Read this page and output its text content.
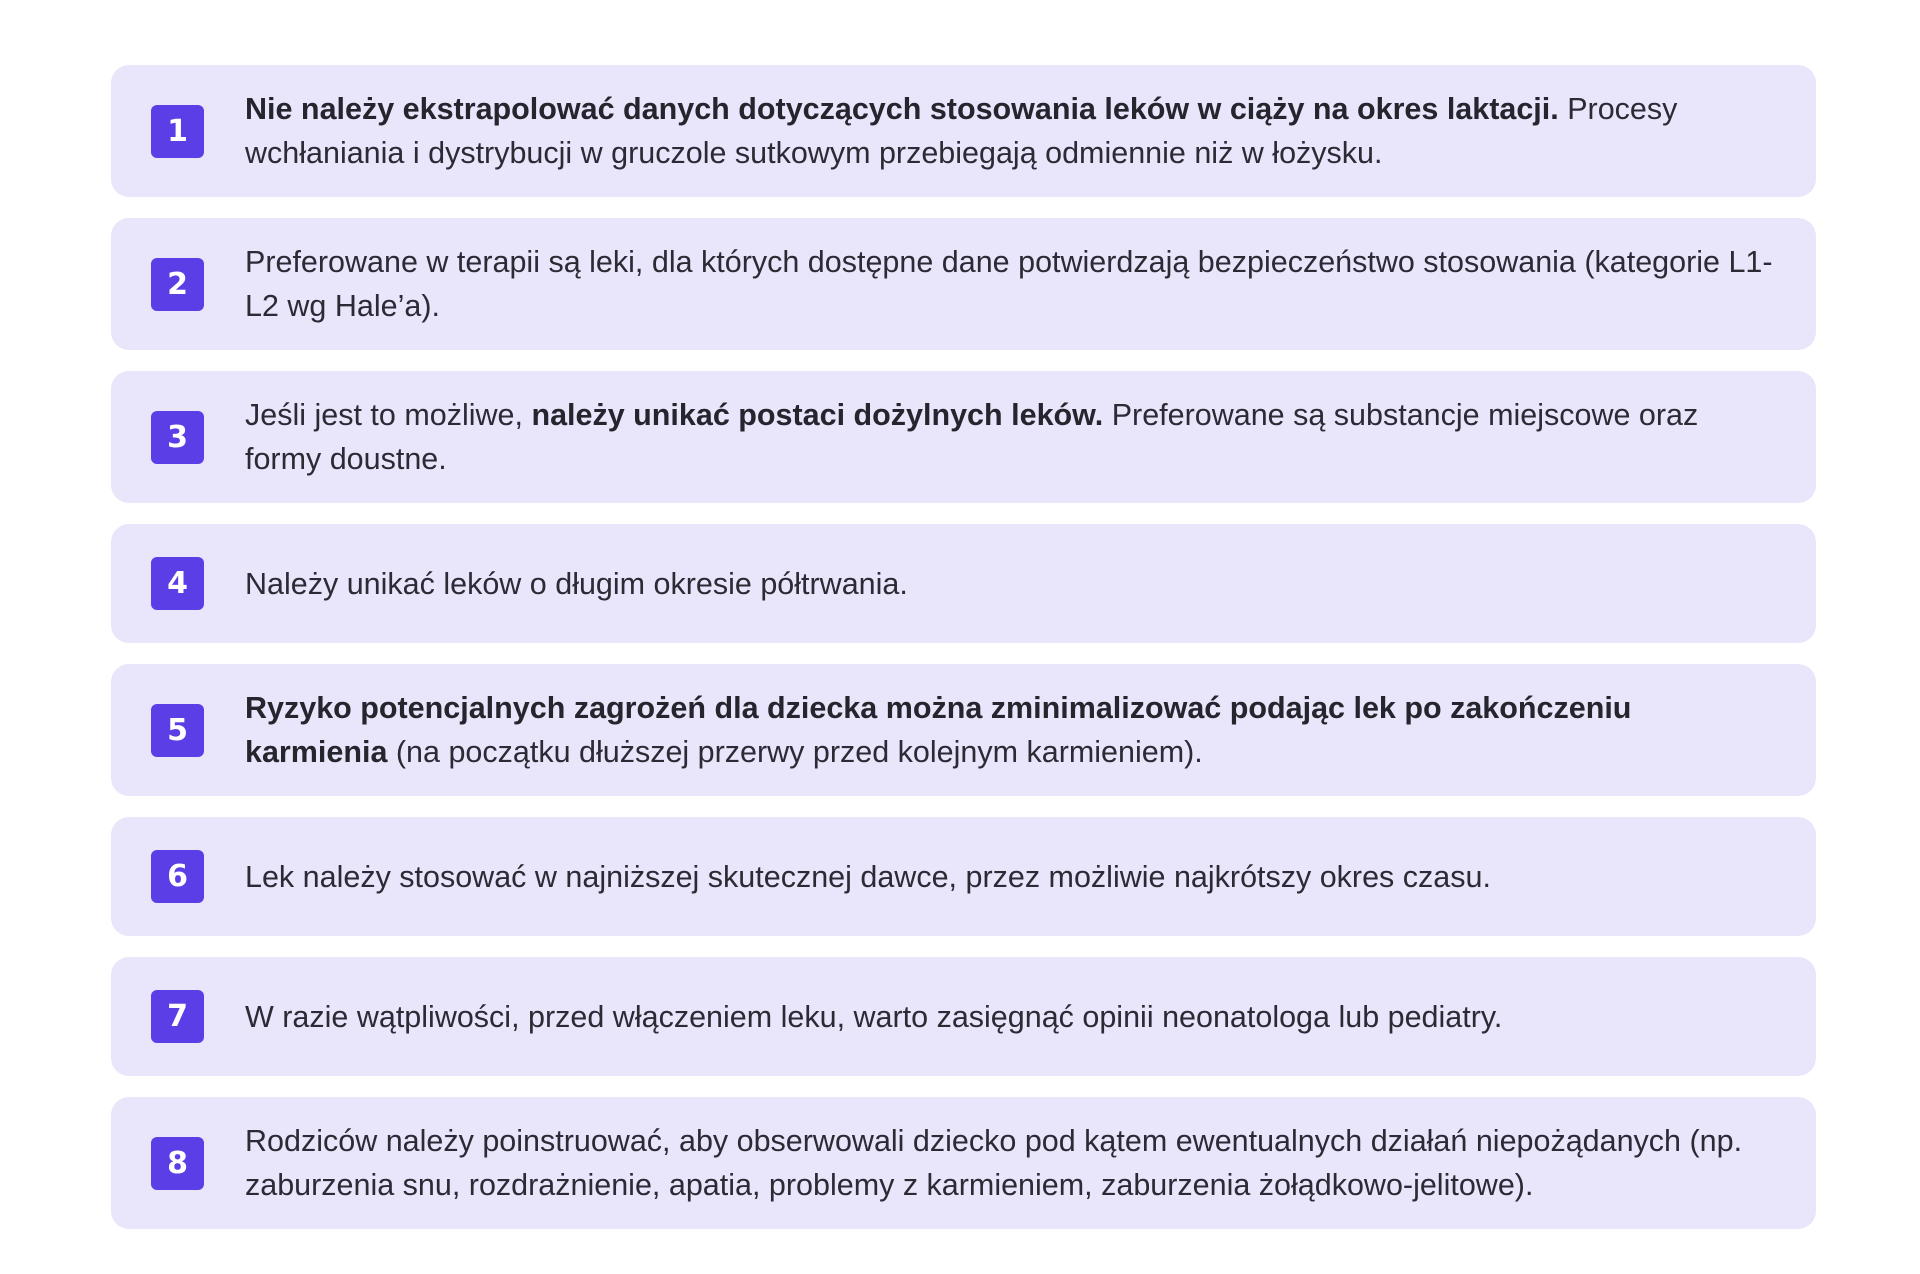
1
Nie należy ekstrapolować danych dotyczących stosowania leków w ciąży na okres laktacji. Procesy wchłaniania i dystrybucji w gruczole sutkowym przebiegają odmiennie niż w łożysku.
2
Preferowane w terapii są leki, dla których dostępne dane potwierdzają bezpieczeństwo stosowania (kategorie L1-L2 wg Hale’a).
3
Jeśli jest to możliwe, należy unikać postaci dożylnych leków. Preferowane są substancje miejscowe oraz formy doustne.
4	Należy unikać leków o długim okresie półtrwania.
5
Ryzyko potencjalnych zagrożeń dla dziecka można zminimalizować podając lek po zakończeniu karmienia (na początku dłuższej przerwy przed kolejnym karmieniem).
6	Lek należy stosować w najniższej skutecznej dawce, przez możliwie najkrótszy okres czasu.
7	W razie wątpliwości, przed włączeniem leku, warto zasięgnąć opinii neonatologa lub pediatry.
8
Rodziców należy poinstruować, aby obserwowali dziecko pod kątem ewentualnych działań niepożądanych (np. zaburzenia snu, rozdrażnienie, apatia, problemy z karmieniem, zaburzenia żołądkowo-jelitowe).
